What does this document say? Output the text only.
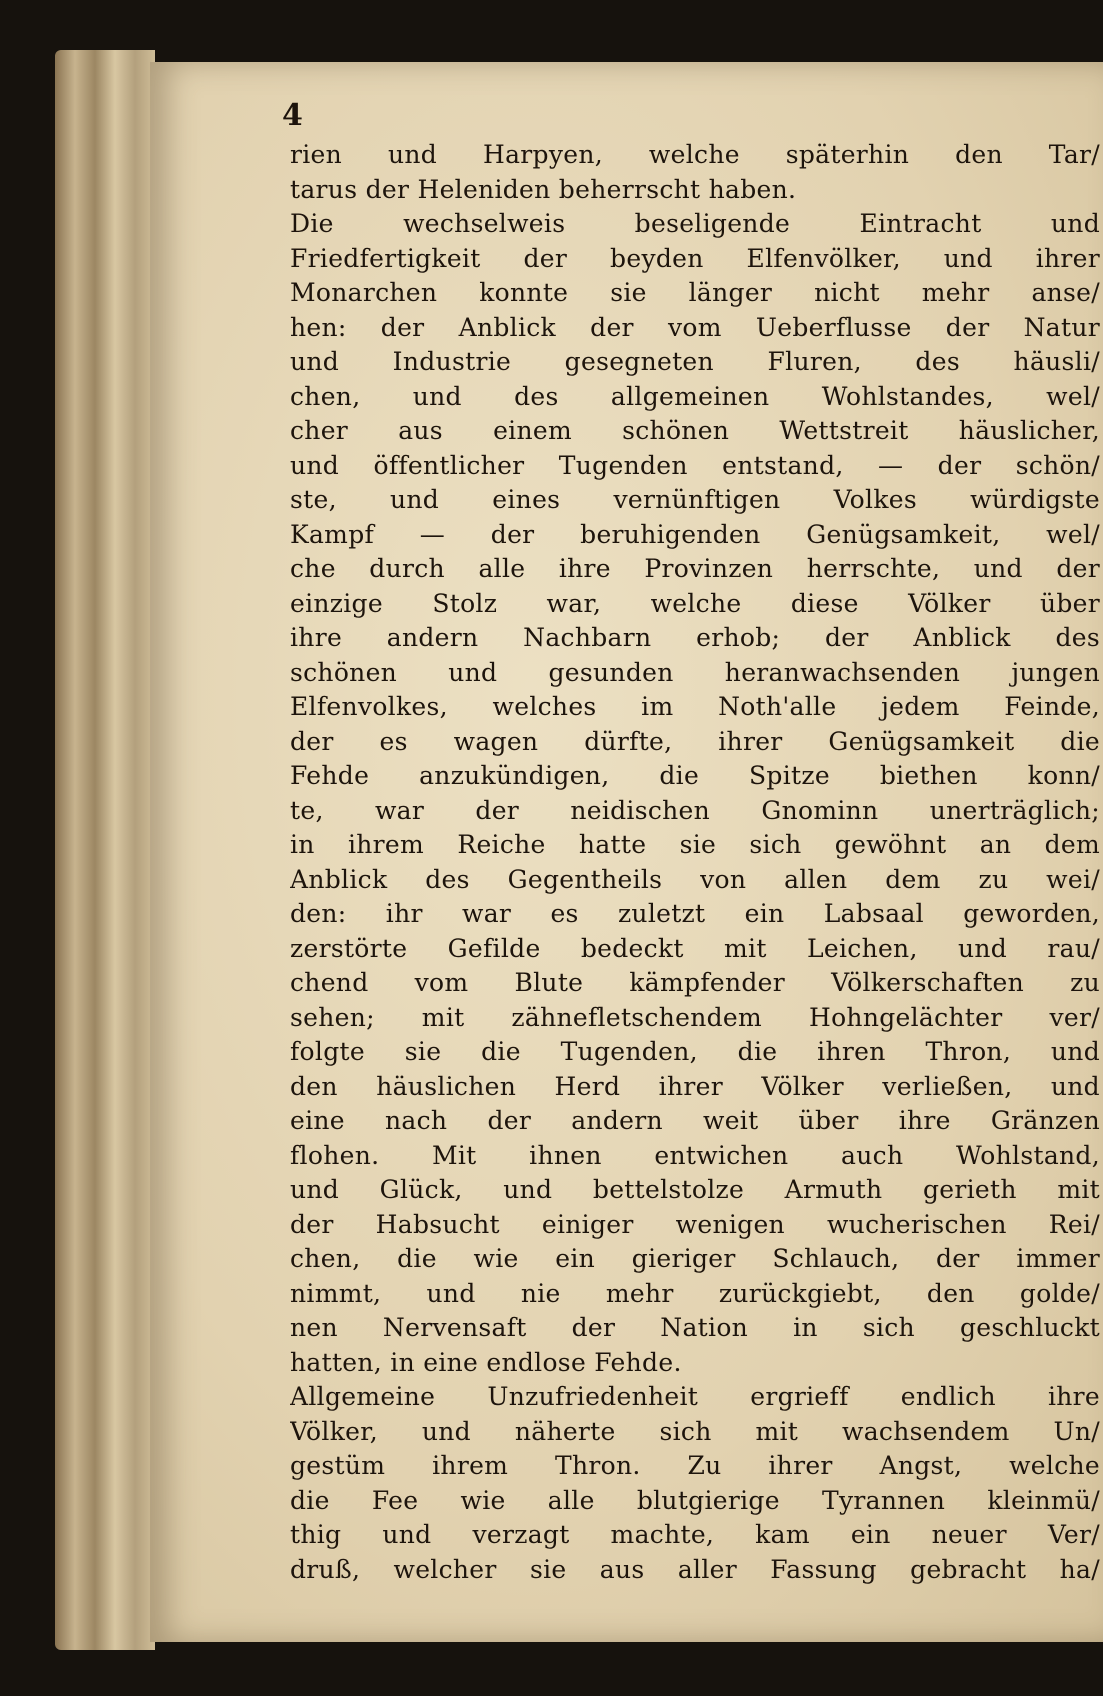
4
rien und Harpyen, welche späterhin den Tar/
tarus der Heleniden beherrscht haben.
Die wechselweis beseligende Eintracht und
Friedfertigkeit der beyden Elfenvölker, und ihrer
Monarchen konnte sie länger nicht mehr anse/
hen: der Anblick der vom Ueberflusse der Natur
und Industrie gesegneten Fluren, des häusli/
chen, und des allgemeinen Wohlstandes, wel/
cher aus einem schönen Wettstreit häuslicher,
und öffentlicher Tugenden entstand, — der schön/
ste, und eines vernünftigen Volkes würdigste
Kampf — der beruhigenden Genügsamkeit, wel/
che durch alle ihre Provinzen herrschte, und der
einzige Stolz war, welche diese Völker über
ihre andern Nachbarn erhob; der Anblick des
schönen und gesunden heranwachsenden jungen
Elfenvolkes, welches im Noth'alle jedem Feinde,
der es wagen dürfte, ihrer Genügsamkeit die
Fehde anzukündigen, die Spitze biethen konn/
te, war der neidischen Gnominn unerträglich;
in ihrem Reiche hatte sie sich gewöhnt an dem
Anblick des Gegentheils von allen dem zu wei/
den: ihr war es zuletzt ein Labsaal geworden,
zerstörte Gefilde bedeckt mit Leichen, und rau/
chend vom Blute kämpfender Völkerschaften zu
sehen; mit zähnefletschendem Hohngelächter ver/
folgte sie die Tugenden, die ihren Thron, und
den häuslichen Herd ihrer Völker verließen, und
eine nach der andern weit über ihre Gränzen
flohen. Mit ihnen entwichen auch Wohlstand,
und Glück, und bettelstolze Armuth gerieth mit
der Habsucht einiger wenigen wucherischen Rei/
chen, die wie ein gieriger Schlauch, der immer
nimmt, und nie mehr zurückgiebt, den golde/
nen Nervensaft der Nation in sich geschluckt
hatten, in eine endlose Fehde.
Allgemeine Unzufriedenheit ergrieff endlich ihre
Völker, und näherte sich mit wachsendem Un/
gestüm ihrem Thron. Zu ihrer Angst, welche
die Fee wie alle blutgierige Tyrannen kleinmü/
thig und verzagt machte, kam ein neuer Ver/
druß, welcher sie aus aller Fassung gebracht ha/
